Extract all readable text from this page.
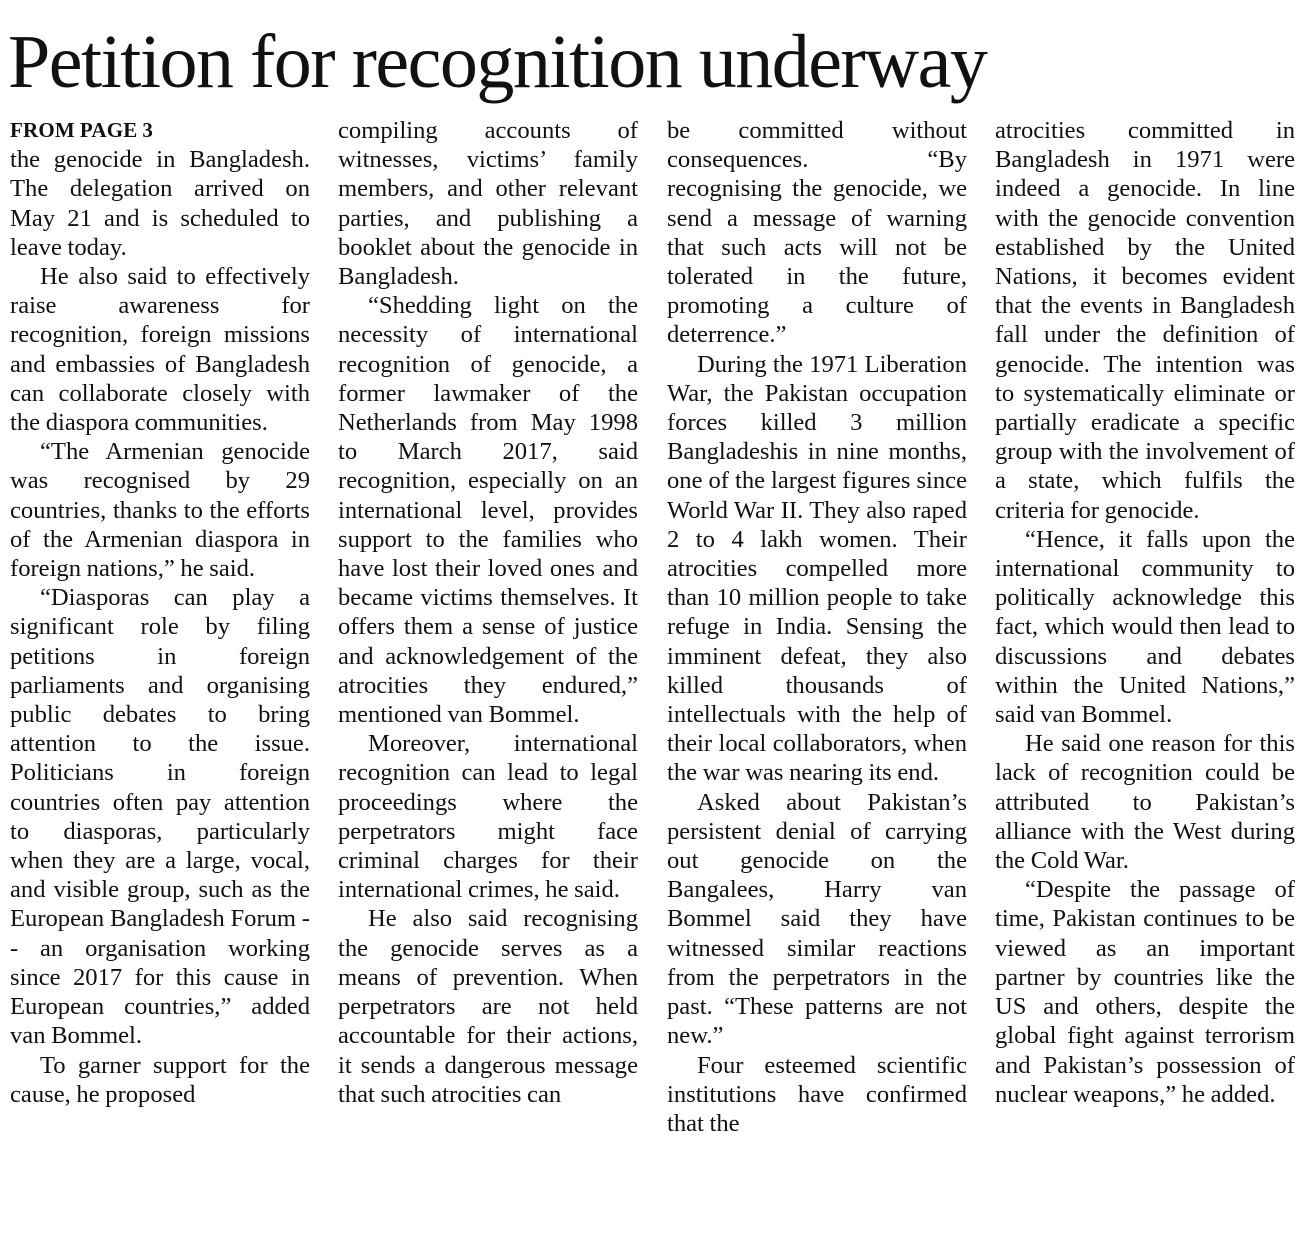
Petition for recognition underway
FROM PAGE 3

the genocide in Bangladesh. The delegation arrived on May 21 and is scheduled to leave today.

He also said to effectively raise awareness for recognition, foreign missions and embassies of Bangladesh can collaborate closely with the diaspora communities.

“The Armenian genocide was recognised by 29 countries, thanks to the efforts of the Armenian diaspora in foreign nations,” he said.

“Diasporas can play a significant role by filing petitions in foreign parliaments and organising public debates to bring attention to the issue. Politicians in foreign countries often pay attention to diasporas, particularly when they are a large, vocal, and visible group, such as the European Bangladesh Forum -- an organisation working since 2017 for this cause in European countries,” added van Bommel.

To garner support for the cause, he proposed

compiling accounts of witnesses, victims’ family members, and other relevant parties, and publishing a booklet about the genocide in Bangladesh.

“Shedding light on the necessity of international recognition of genocide, a former lawmaker of the Netherlands from May 1998 to March 2017, said recognition, especially on an international level, provides support to the families who have lost their loved ones and became victims themselves. It offers them a sense of justice and acknowledgement of the atrocities they endured,” mentioned van Bommel.

Moreover, international recognition can lead to legal proceedings where the perpetrators might face criminal charges for their international crimes, he said.

He also said recognising the genocide serves as a means of prevention. When perpetrators are not held accountable for their actions, it sends a dangerous message that such atrocities can

be committed without consequences. “By recognising the genocide, we send a message of warning that such acts will not be tolerated in the future, promoting a culture of deterrence.”

During the 1971 Liberation War, the Pakistan occupation forces killed 3 million Bangladeshis in nine months, one of the largest figures since World War II. They also raped 2 to 4 lakh women. Their atrocities compelled more than 10 million people to take refuge in India. Sensing the imminent defeat, they also killed thousands of intellectuals with the help of their local collaborators, when the war was nearing its end.

Asked about Pakistan’s persistent denial of carrying out genocide on the Bangalees, Harry van Bommel said they have witnessed similar reactions from the perpetrators in the past. “These patterns are not new.”

Four esteemed scientific institutions have confirmed that the

atrocities committed in Bangladesh in 1971 were indeed a genocide. In line with the genocide convention established by the United Nations, it becomes evident that the events in Bangladesh fall under the definition of genocide. The intention was to systematically eliminate or partially eradicate a specific group with the involvement of a state, which fulfils the criteria for genocide.

“Hence, it falls upon the international community to politically acknowledge this fact, which would then lead to discussions and debates within the United Nations,” said van Bommel.

He said one reason for this lack of recognition could be attributed to Pakistan’s alliance with the West during the Cold War.

“Despite the passage of time, Pakistan continues to be viewed as an important partner by countries like the US and others, despite the global fight against terrorism and Pakistan’s possession of nuclear weapons,” he added.
